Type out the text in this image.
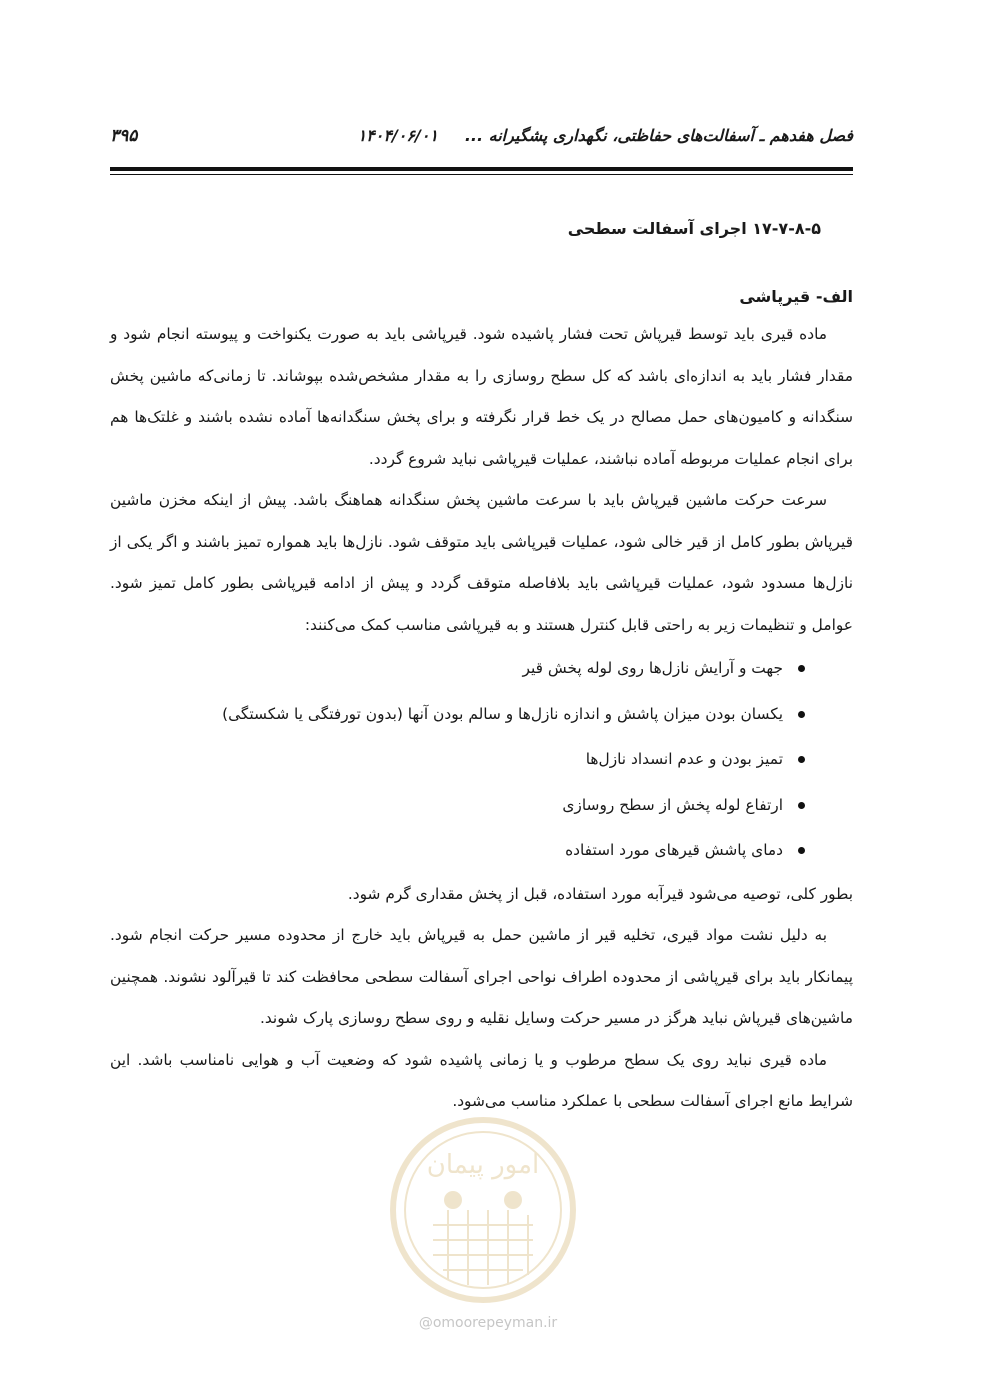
فصل هفدهم ـ آسفالت‌های حفاظتی، نگهداری پشگیرانه ...
۱۴۰۴/۰۶/۰۱
۳۹۵
۱۷-۷-۸-۵ اجرای آسفالت سطحی
الف- قیرپاشی

ماده قیری باید توسط قیرپاش تحت فشار پاشیده شود. قیرپاشی باید به صورت یکنواخت و پیوسته انجام شود و مقدار فشار باید به اندازه‌ای باشد که کل سطح روسازی را به مقدار مشخص‌شده بپوشاند. تا زمانی‌که ماشین پخش سنگدانه و کامیون‌های حمل مصالح در یک خط قرار نگرفته و برای پخش سنگدانه‌ها آماده نشده باشند و غلتک‌ها هم برای انجام عملیات مربوطه آماده نباشند، عملیات قیرپاشی نباید شروع گردد.

سرعت حرکت ماشین قیرپاش باید با سرعت ماشین پخش سنگدانه هماهنگ باشد. پیش از اینکه مخزن ماشین قیرپاش بطور کامل از قیر خالی شود، عملیات قیرپاشی باید متوقف شود. نازل‌ها باید همواره تمیز باشند و اگر یکی از نازل‌ها مسدود شود، عملیات قیرپاشی باید بلافاصله متوقف گردد و پیش از ادامه قیرپاشی بطور کامل تمیز شود. عوامل و تنظیمات زیر به راحتی قابل کنترل هستند و به قیرپاشی مناسب کمک می‌کنند:

جهت و آرایش نازل‌ها روی لوله پخش قیر
یکسان بودن میزان پاشش و اندازه نازل‌ها و سالم بودن آنها (بدون تورفتگی یا شکستگی)
تمیز بودن و عدم انسداد نازل‌ها
ارتفاع لوله پخش از سطح روسازی
دمای پاشش قیرهای مورد استفاده

بطور کلی، توصیه می‌شود قیرآبه مورد استفاده، قبل از پخش مقداری گرم شود.

به دلیل نشت مواد قیری، تخلیه قیر از ماشین حمل به قیرپاش باید خارج از محدوده مسیر حرکت انجام شود. پیمانکار باید برای قیرپاشی از محدوده اطراف نواحی اجرای آسفالت سطحی محافظت کند تا قیرآلود نشوند. همچنین ماشین‌های قیرپاش نباید هرگز در مسیر حرکت وسایل نقلیه و روی سطح روسازی پارک شوند.

ماده قیری نباید روی یک سطح مرطوب و یا زمانی پاشیده شود که وضعیت آب و هوایی نامناسب باشد. این شرایط مانع اجرای آسفالت سطحی با عملکرد مناسب می‌شود.

امور پیمان
@omoorepeyman.ir
